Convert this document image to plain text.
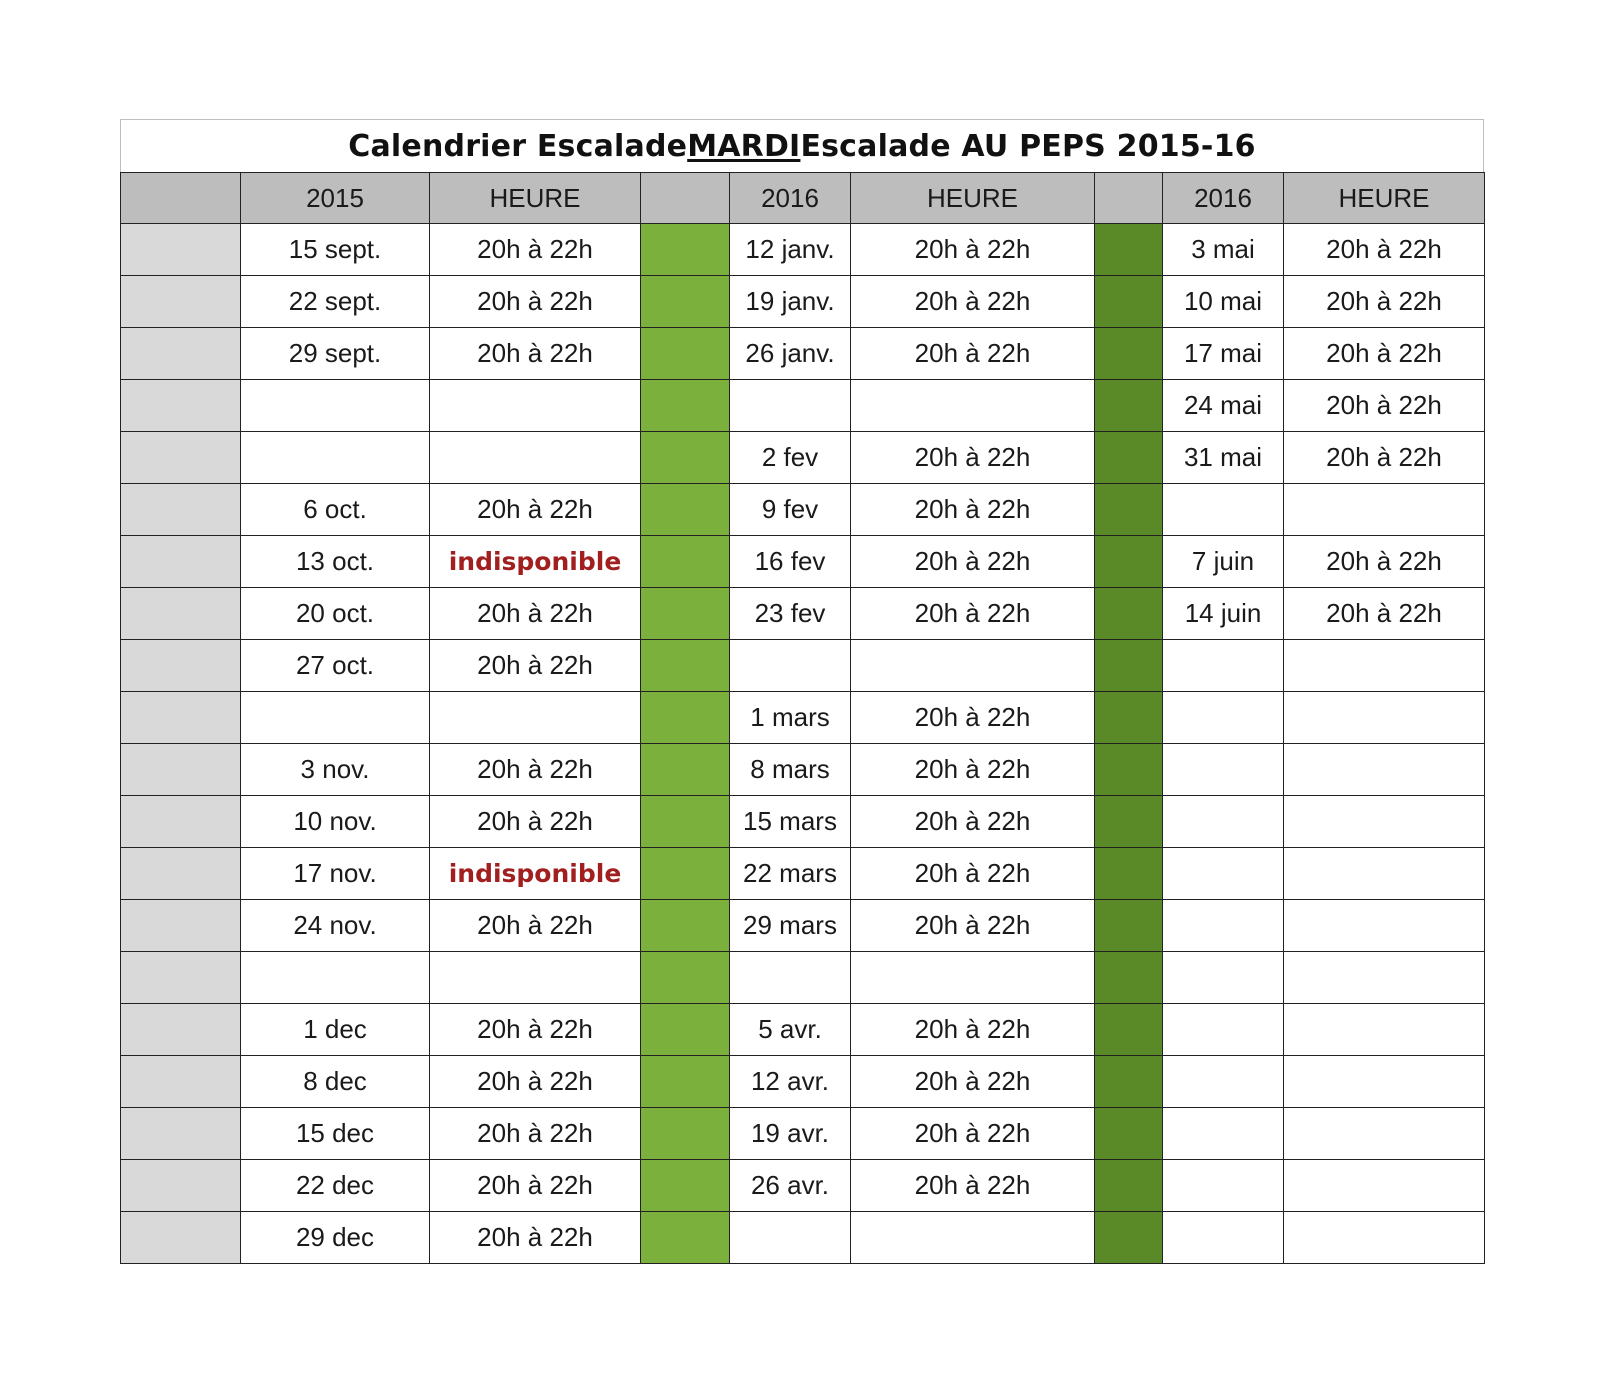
Calendrier Escalade MARDI Escalade AU PEPS 2015-16
	2015	HEURE		2016	HEURE		2016	HEURE
	15 sept.	20h à 22h		12 janv.	20h à 22h		3 mai	20h à 22h
	22 sept.	20h à 22h		19 janv.	20h à 22h		10 mai	20h à 22h
	29 sept.	20h à 22h		26 janv.	20h à 22h		17 mai	20h à 22h
							24 mai	20h à 22h
				2 fev	20h à 22h		31 mai	20h à 22h
	6 oct.	20h à 22h		9 fev	20h à 22h			
	13 oct.	indisponible		16 fev	20h à 22h		7 juin	20h à 22h
	20 oct.	20h à 22h		23 fev	20h à 22h		14 juin	20h à 22h
	27 oct.	20h à 22h						
				1 mars	20h à 22h			
	3 nov.	20h à 22h		8 mars	20h à 22h			
	10 nov.	20h à 22h		15 mars	20h à 22h			
	17 nov.	indisponible		22 mars	20h à 22h			
	24 nov.	20h à 22h		29 mars	20h à 22h			

	1 dec	20h à 22h		5 avr.	20h à 22h			
	8 dec	20h à 22h		12 avr.	20h à 22h			
	15 dec	20h à 22h		19 avr.	20h à 22h			
	22 dec	20h à 22h		26 avr.	20h à 22h			
	29 dec	20h à 22h						
